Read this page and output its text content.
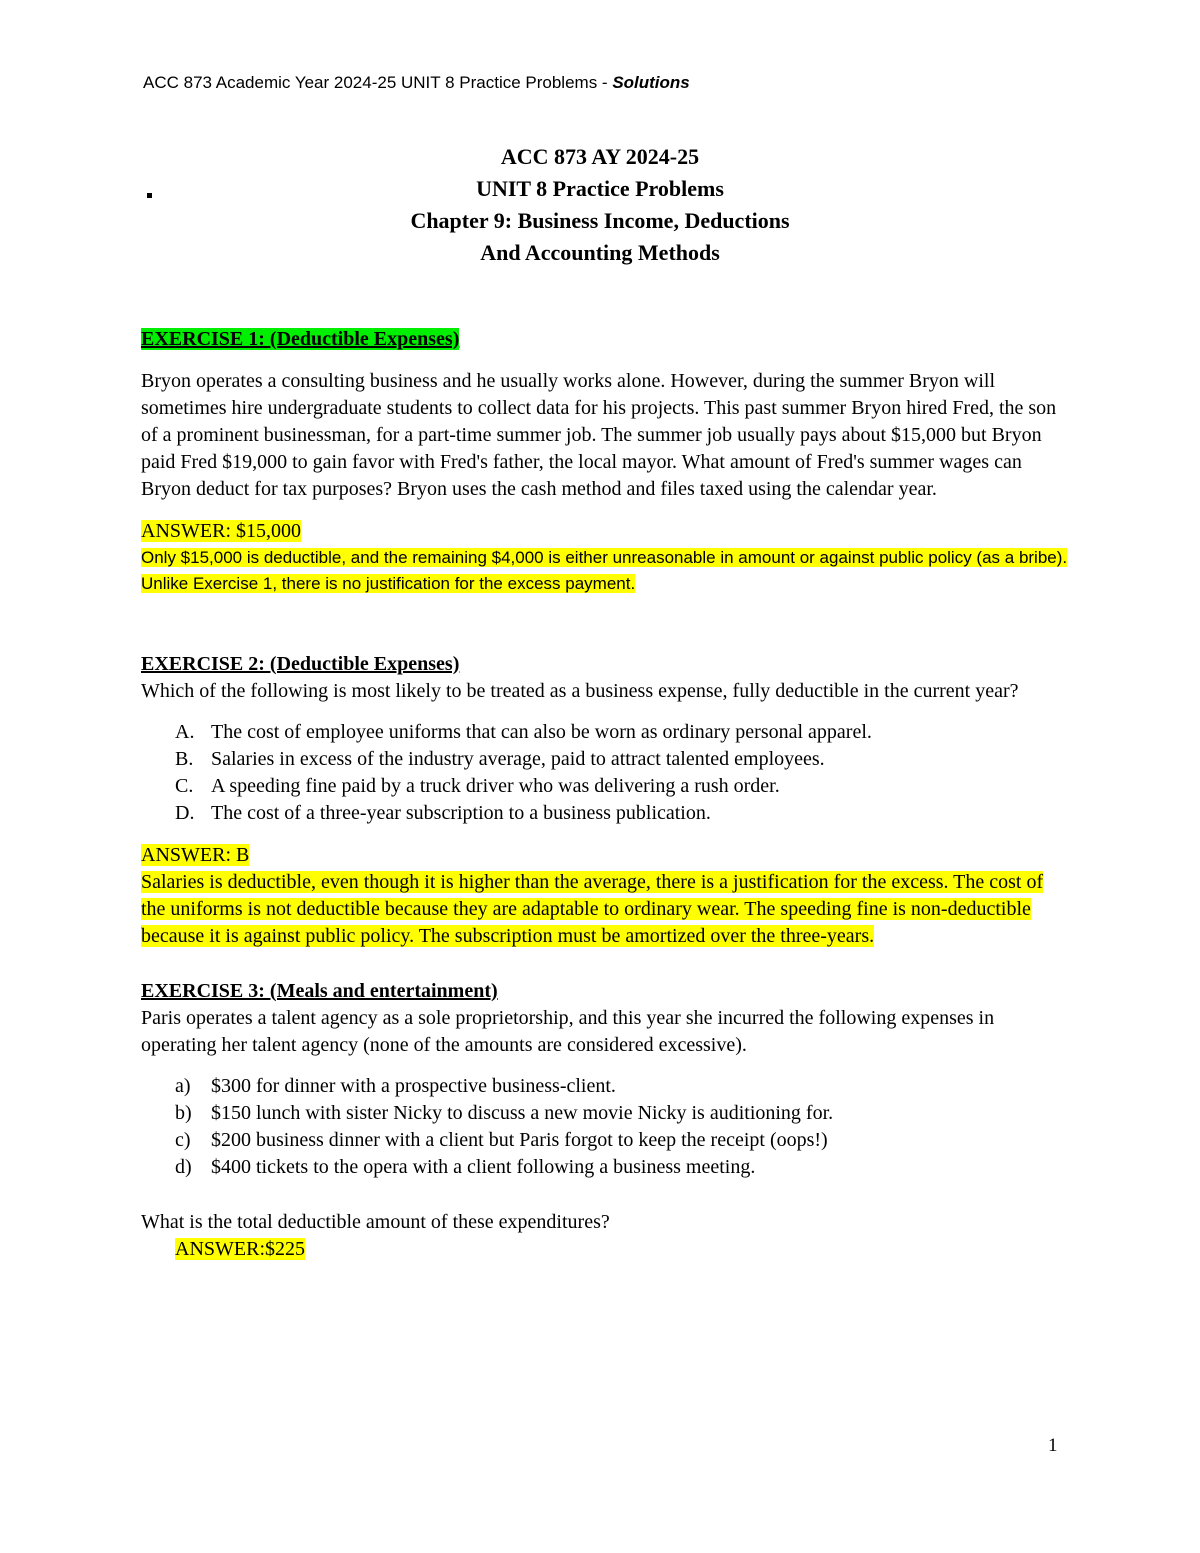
ACC 873 Academic Year 2024-25 UNIT 8 Practice Problems - Solutions
ACC 873 AY 2024-25
UNIT 8 Practice Problems
Chapter 9: Business Income, Deductions
And Accounting Methods

EXERCISE 1: (Deductible Expenses)

Bryon operates a consulting business and he usually works alone. However, during the summer Bryon will sometimes hire undergraduate students to collect data for his projects. This past summer Bryon hired Fred, the son of a prominent businessman, for a part-time summer job. The summer job usually pays about $15,000 but Bryon paid Fred $19,000 to gain favor with Fred's father, the local mayor. What amount of Fred's summer wages can Bryon deduct for tax purposes? Bryon uses the cash method and files taxed using the calendar year.

ANSWER: $15,000

Only $15,000 is deductible, and the remaining $4,000 is either unreasonable in amount or against public policy (as a bribe). Unlike Exercise 1, there is no justification for the excess payment.

EXERCISE 2: (Deductible Expenses)

Which of the following is most likely to be treated as a business expense, fully deductible in the current year?

A. The cost of employee uniforms that can also be worn as ordinary personal apparel.
B. Salaries in excess of the industry average, paid to attract talented employees.
C. A speeding fine paid by a truck driver who was delivering a rush order.
D. The cost of a three-year subscription to a business publication.

ANSWER: B

Salaries is deductible, even though it is higher than the average, there is a justification for the excess. The cost of the uniforms is not deductible because they are adaptable to ordinary wear. The speeding fine is non-deductible because it is against public policy. The subscription must be amortized over the three-years.

EXERCISE 3: (Meals and entertainment)

Paris operates a talent agency as a sole proprietorship, and this year she incurred the following expenses in operating her talent agency (none of the amounts are considered excessive).

a) $300 for dinner with a prospective business-client.
b) $150 lunch with sister Nicky to discuss a new movie Nicky is auditioning for.
c) $200 business dinner with a client but Paris forgot to keep the receipt (oops!)
d) $400 tickets to the opera with a client following a business meeting.

What is the total deductible amount of these expenditures?

ANSWER:$225

1
